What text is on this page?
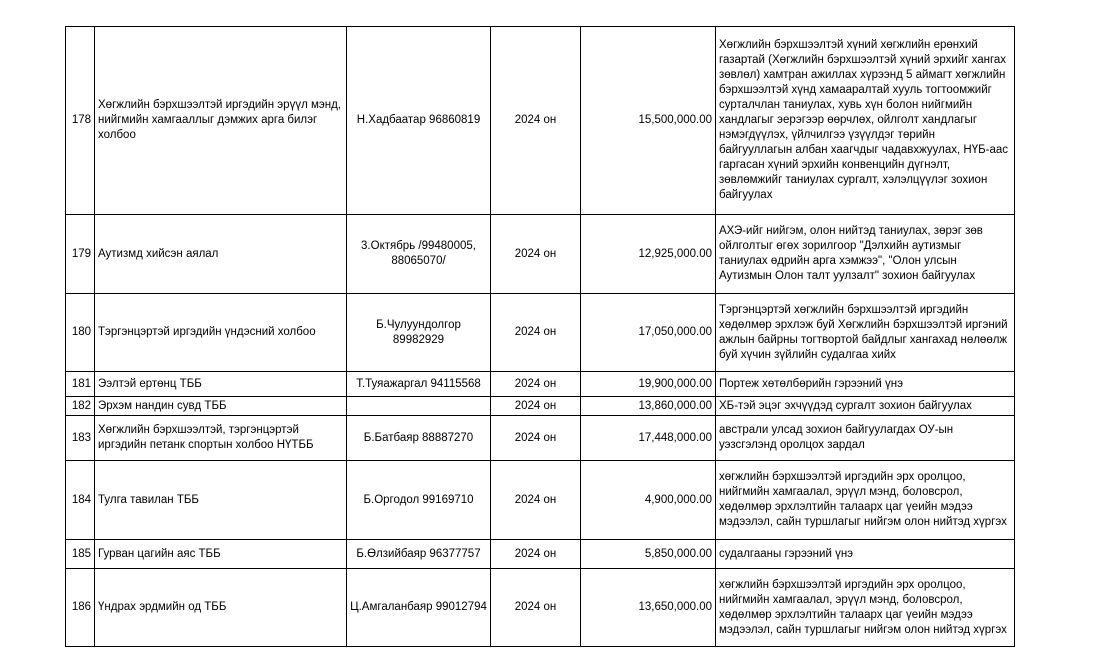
178	Хөгжлийн бэрхшээлтэй иргэдийн эрүүл мэнд, нийгмийн хамгааллыг дэмжих арга билэг холбоо	Н.Хадбаатар 96860819	2024 он	15,500,000.00	Хөгжлийн бэрхшээлтэй хүний хөгжлийн ерөнхий газартай (Хөгжлийн бэрхшээлтэй хүний эрхийг хангах зөвлөл) хамтран ажиллах хүрээнд 5 аймагт хөгжлийн бэрхшээлтэй хүнд хамааралтай хууль тогтоомжийг сурталчлан таниулах, хувь хүн болон нийгмийн хандлагыг эерэгээр өөрчлөх, ойлголт хандлагыг нэмэгдүүлэх, үйлчилгээ үзүүлдэг төрийн байгууллагын албан хаагчдыг чадавхжуулах, НҮБ-аас гаргасан хүний эрхийн конвенцийн дүгнэлт, зөвлөмжийг таниулах сургалт, хэлэлцүүлэг зохион байгуулах
179	Аутизмд хийсэн аялал	3.Октябрь /99480005, 88065070/	2024 он	12,925,000.00	АХЭ-ийг нийгэм, олон нийтэд таниулах, зөрэг зөв ойлголтыг өгөх зорилгоор "Дэлхийн аутизмыг таниулах өдрийн арга хэмжээ", "Олон улсын Аутизмын Олон талт уулзалт" зохион байгуулах
180	Тэргэнцэртэй иргэдийн үндэсний холбоо	Б.Чулуундолгор 89982929	2024 он	17,050,000.00	Тэргэнцэртэй хөгжлийн бэрхшээлтэй иргэдийн хөдөлмөр эрхлэж буй Хөгжлийн бэрхшээлтэй иргэний ажлын байрны тогтвортой байдлыг хангахад нөлөөлж буй хүчин зүйлийн судалгаа хийх
181	Ээлтэй ертөнц ТББ	Т.Туяажаргал 94115568	2024 он	19,900,000.00	Портеж хөтөлбөрийн гэрээний үнэ
182	Эрхэм нандин сувд ТББ		2024 он	13,860,000.00	ХБ-тэй эцэг эхчүүдэд сургалт зохион байгуулах
183	Хөгжлийн бэрхшээлтэй, тэргэнцэртэй иргэдийн петанк спортын холбоо НҮТББ	Б.Батбаяр 88887270	2024 он	17,448,000.00	австрали улсад зохион байгуулагдах ОУ-ын уэзсгэлэнд оролцох зардал
184	Тулга тавилан ТББ	Б.Оргодол 99169710	2024 он	4,900,000.00	хөгжлийн бэрхшээлтэй иргэдийн эрх оролцоо, нийгмийн хамгаалал, эрүүл мэнд, боловсрол, хөдөлмөр эрхлэлтийн талаарх цаг үеийн мэдээ мэдээлэл, сайн туршлагыг нийгэм олон нийтэд хүргэх
185	Гурван цагийн аяс ТББ	Б.Өлзийбаяр 96377757	2024 он	5,850,000.00	судалгааны гэрээний үнэ
186	Үндрах эрдмийн од ТББ	Ц.Амгаланбаяр 99012794	2024 он	13,650,000.00	хөгжлийн бэрхшээлтэй иргэдийн эрх оролцоо, нийгмийн хамгаалал, эрүүл мэнд, боловсрол, хөдөлмөр эрхлэлтийн талаарх цаг үеийн мэдээ мэдээлэл, сайн туршлагыг нийгэм олон нийтэд хүргэх
